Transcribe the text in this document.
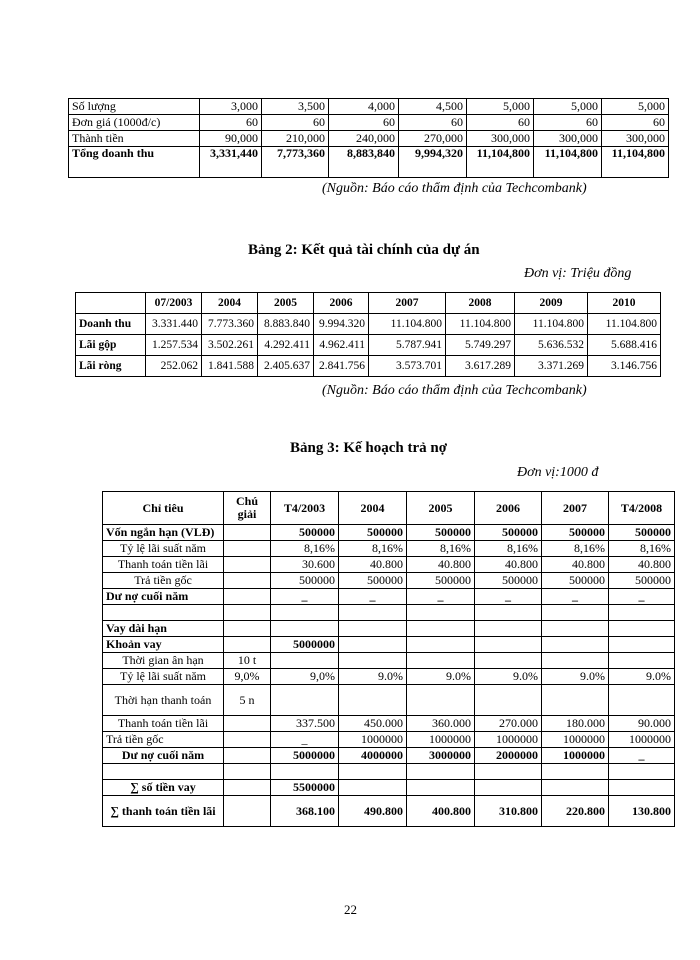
Số lượng	3,000	3,500	4,000	4,500	5,000	5,000	5,000
Đơn giá (1000đ/c)	60	60	60	60	60	60	60
Thành tiền	90,000	210,000	240,000	270,000	300,000	300,000	300,000
Tổng doanh thu	3,331,440	7,773,360	8,883,840	9,994,320	11,104,800	11,104,800	11,104,800
(Nguồn: Báo cáo thẩm định của Techcombank)
Bảng 2: Kết quả tài chính của dự án
Đơn vị: Triệu đồng
	07/2003	2004	2005	2006	2007	2008	2009	2010
Doanh thu	3.331.440	7.773.360	8.883.840	9.994.320	11.104.800	11.104.800	11.104.800	11.104.800
Lãi gộp	1.257.534	3.502.261	4.292.411	4.962.411	5.787.941	5.749.297	5.636.532	5.688.416
Lãi ròng	252.062	1.841.588	2.405.637	2.841.756	3.573.701	3.617.289	3.371.269	3.146.756
(Nguồn: Báo cáo thẩm định của Techcombank)
Bảng 3: Kế hoạch trả nợ
Đơn vị:1000 đ
Chỉ tiêu	Chú giải	T4/2003	2004	2005	2006	2007	T4/2008
Vốn ngắn hạn (VLĐ)		500000	500000	500000	500000	500000	500000
Tỷ lệ lãi suất năm		8,16%	8,16%	8,16%	8,16%	8,16%	8,16%
Thanh toán tiền lãi		30.600	40.800	40.800	40.800	40.800	40.800
Trả tiền gốc		500000	500000	500000	500000	500000	500000
Dư nợ cuối năm		_	_	_	_	_	_

Vay dài hạn							
Khoản vay		5000000					
Thời gian ân hạn	10 t						
Tỷ lệ lãi suất năm	9,0%	9,0%	9.0%	9.0%	9.0%	9.0%	9.0%
Thời hạn thanh toán	5 n						
Thanh toán tiền lãi		337.500	450.000	360.000	270.000	180.000	90.000
Trả tiền gốc		_	1000000	1000000	1000000	1000000	1000000
Dư nợ cuối năm		5000000	4000000	3000000	2000000	1000000	_

∑ số tiền vay		5500000					
∑ thanh toán tiền lãi		368.100	490.800	400.800	310.800	220.800	130.800
22
